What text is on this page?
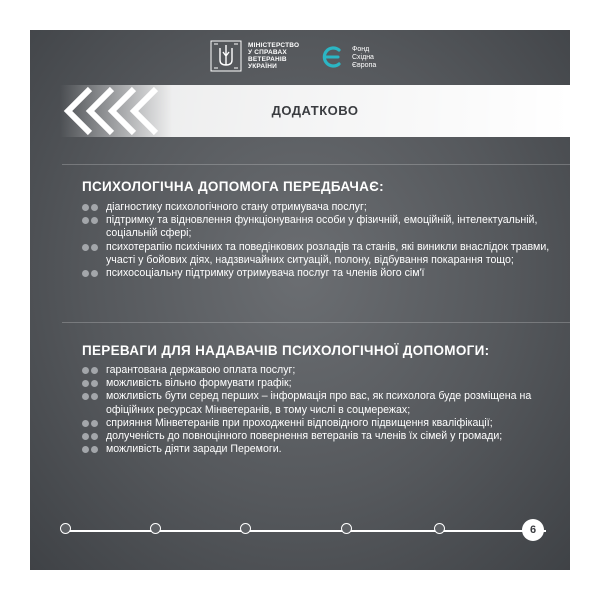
МІНІСТЕРСТВО
У СПРАВАХ
ВЕТЕРАНІВ
УКРАЇНИ
Фонд
Східна
Європа
ДОДАТКОВО
ПСИХОЛОГІЧНА ДОПОМОГА ПЕРЕДБАЧАЄ:
діагностику психологічного стану отримувача послуг;
підтримку та відновлення функціонування особи у фізичній, емоційній, інтелектуальній, соціальній сфері;
психотерапію психічних та поведінкових розладів та станів, які виникли внаслідок травми, участі у бойових діях, надзвичайних ситуацій, полону, відбування покарання тощо;
психосоціальну підтримку отримувача послуг та членів його сім'ї
ПЕРЕВАГИ ДЛЯ НАДАВАЧІВ ПСИХОЛОГІЧНОЇ ДОПОМОГИ:
гарантована державою оплата послуг;
можливість вільно формувати графік;
можливість бути серед перших – інформація про вас, як психолога буде розміщена на офіційних ресурсах Мінветеранів, в тому числі в соцмережах;
сприяння Мінветеранів при проходженні відповідного підвищення кваліфікації;
долученість до повноцінного повернення ветеранів та членів їх сімей у громади;
можливість діяти заради Перемоги.
6
